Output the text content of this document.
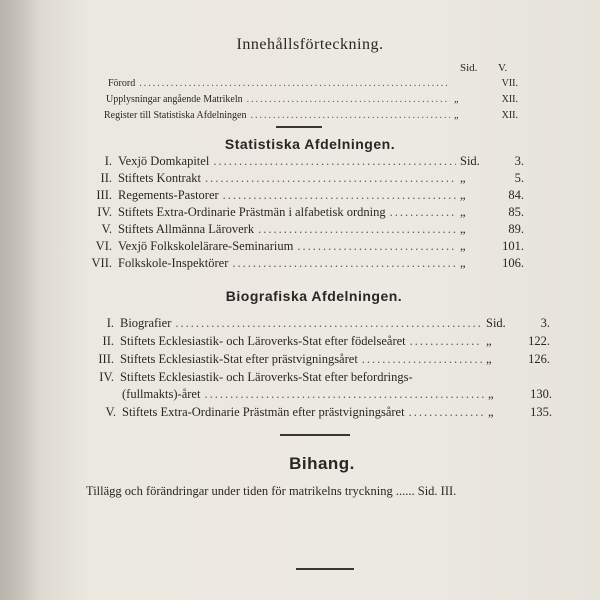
Innehållsförteckning.
Sid. V.
Förord .....	VII.
Upplysningar angående Matrikeln .....	„	XII.
Register till Statistiska Afdelningen .....	„	XII.
Statistiska Afdelningen.
I. Vexjö Domkapitel .....	Sid.	3.
II. Stiftets Kontrakt .....	„	5.
III. Regements-Pastorer .....	„	84.
IV. Stiftets Extra-Ordinarie Prästmän i alfabetisk ordning .....	„	85.
V. Stiftets Allmänna Läroverk .....	„	89.
VI. Vexjö Folkskolelärare-Seminarium .....	„	101.
VII. Folkskole-Inspektörer .....	„	106.
Biografiska Afdelningen.
I. Biografier .....	Sid.	3.
II. Stiftets Ecklesiastik- och Läroverks-Stat efter födelseåret .....	„	122.
III. Stiftets Ecklesiastik-Stat efter prästvigningsåret .....	„	126.
IV. Stiftets Ecklesiastik- och Läroverks-Stat efter befordrings-
(fullmakts)-året .....	„	130.
V. Stiftets Extra-Ordinarie Prästmän efter prästvigningsåret .....	„	135.
Bihang.
Tillägg och förändringar under tiden för matrikelns tryckning ...... Sid. III.
